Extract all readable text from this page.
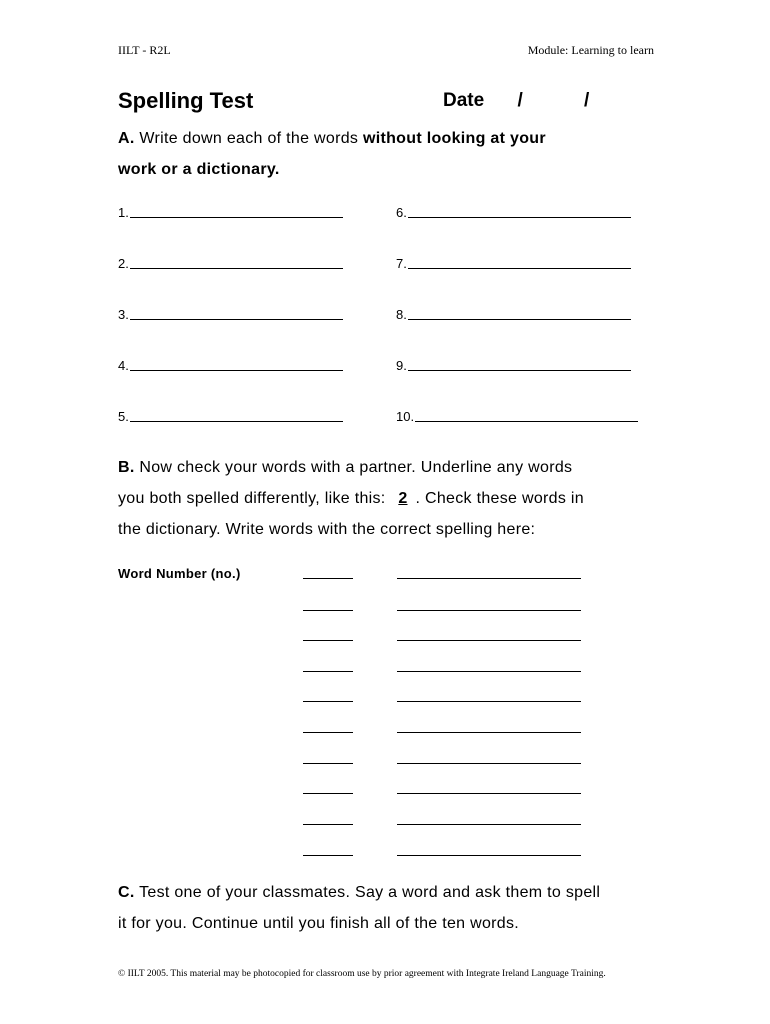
IILT - R2L	Module: Learning to learn
Spelling Test	Date /	/
A. Write down each of the words without looking at your
work or a dictionary.
1.
2.
3.
4.
5.
6.
7.
8.
9.
10.
B. Now check your words with a partner. Underline any words
you both spelled differently, like this: 2 . Check these words in
the dictionary. Write words with the correct spelling here:
Word Number (no.)
C. Test one of your classmates. Say a word and ask them to spell
it for you. Continue until you finish all of the ten words.
© IILT 2005. This material may be photocopied for classroom use by prior agreement with Integrate Ireland Language Training.
